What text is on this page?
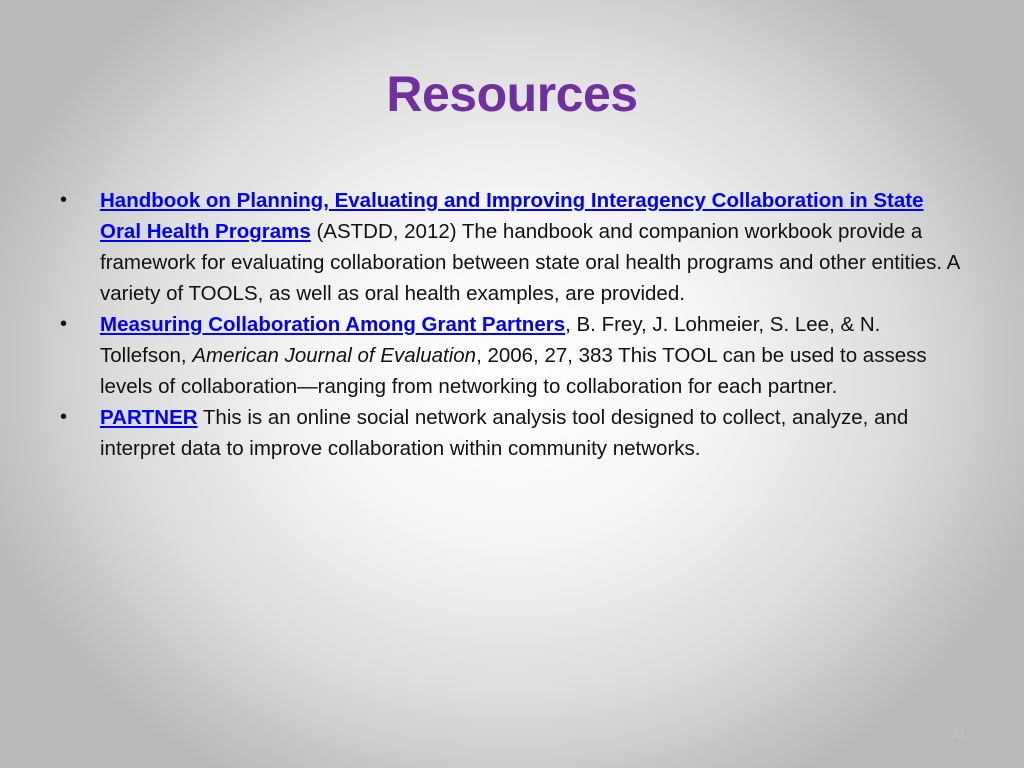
Resources
• Handbook on Planning, Evaluating and Improving Interagency Collaboration in State Oral Health Programs (ASTDD, 2012) The handbook and companion workbook provide a framework for evaluating collaboration between state oral health programs and other entities. A variety of TOOLS, as well as oral health examples, are provided.
• Measuring Collaboration Among Grant Partners, B. Frey, J. Lohmeier, S. Lee, & N. Tollefson, American Journal of Evaluation, 2006, 27, 383 This TOOL can be used to assess levels of collaboration—ranging from networking to collaboration for each partner.
• PARTNER This is an online social network analysis tool designed to collect, analyze, and interpret data to improve collaboration within community networks.
23
